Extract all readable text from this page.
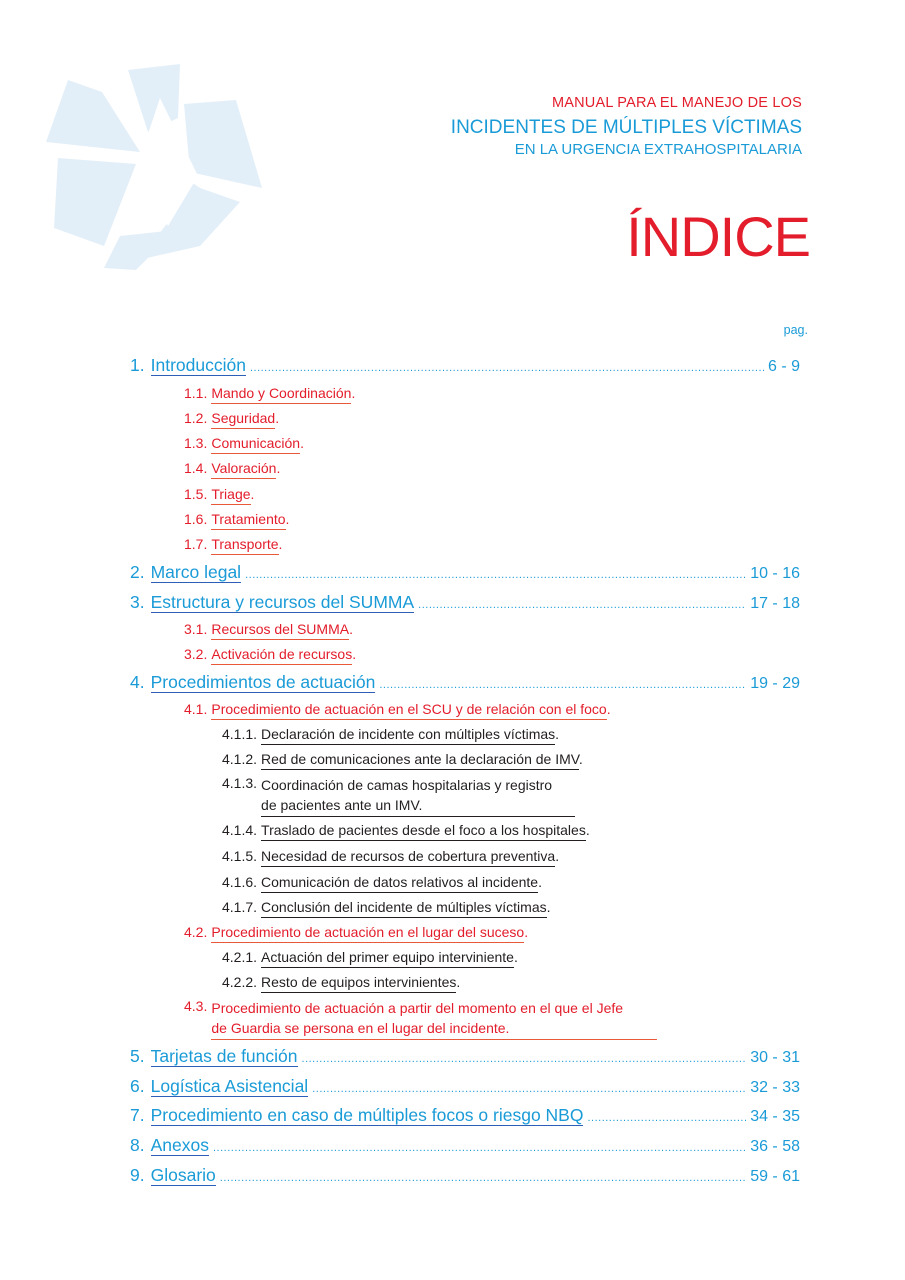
MANUAL PARA EL MANEJO DE LOS
INCIDENTES DE MÚLTIPLES VÍCTIMAS
EN LA URGENCIA EXTRAHOSPITALARIA
ÍNDICE
pag.
1. Introducción .....	6 - 9
1.1. Mando y Coordinación.
1.2. Seguridad.
1.3. Comunicación.
1.4. Valoración.
1.5. Triage.
1.6. Tratamiento.
1.7. Transporte.
2. Marco legal .....	10 - 16
3. Estructura y recursos del SUMMA .....	17 - 18
3.1. Recursos del SUMMA.
3.2. Activación de recursos.
4. Procedimientos de actuación .....	19 - 29
4.1. Procedimiento de actuación en el SCU y de relación con el foco.
4.1.1. Declaración de incidente con múltiples víctimas.
4.1.2. Red de comunicaciones ante la declaración de IMV.
4.1.3. Coordinación de camas hospitalarias y registro
de pacientes ante un IMV.
4.1.4. Traslado de pacientes desde el foco a los hospitales.
4.1.5. Necesidad de recursos de cobertura preventiva.
4.1.6. Comunicación de datos relativos al incidente.
4.1.7. Conclusión del incidente de múltiples víctimas.
4.2. Procedimiento de actuación en el lugar del suceso.
4.2.1. Actuación del primer equipo interviniente.
4.2.2. Resto de equipos intervinientes.
4.3. Procedimiento de actuación a partir del momento en el que el Jefe
de Guardia se persona en el lugar del incidente.
5. Tarjetas de función .....	30 - 31
6. Logística Asistencial .....	32 - 33
7. Procedimiento en caso de múltiples focos o riesgo NBQ .....	34 - 35
8. Anexos .....	36 - 58
9. Glosario .....	59 - 61
